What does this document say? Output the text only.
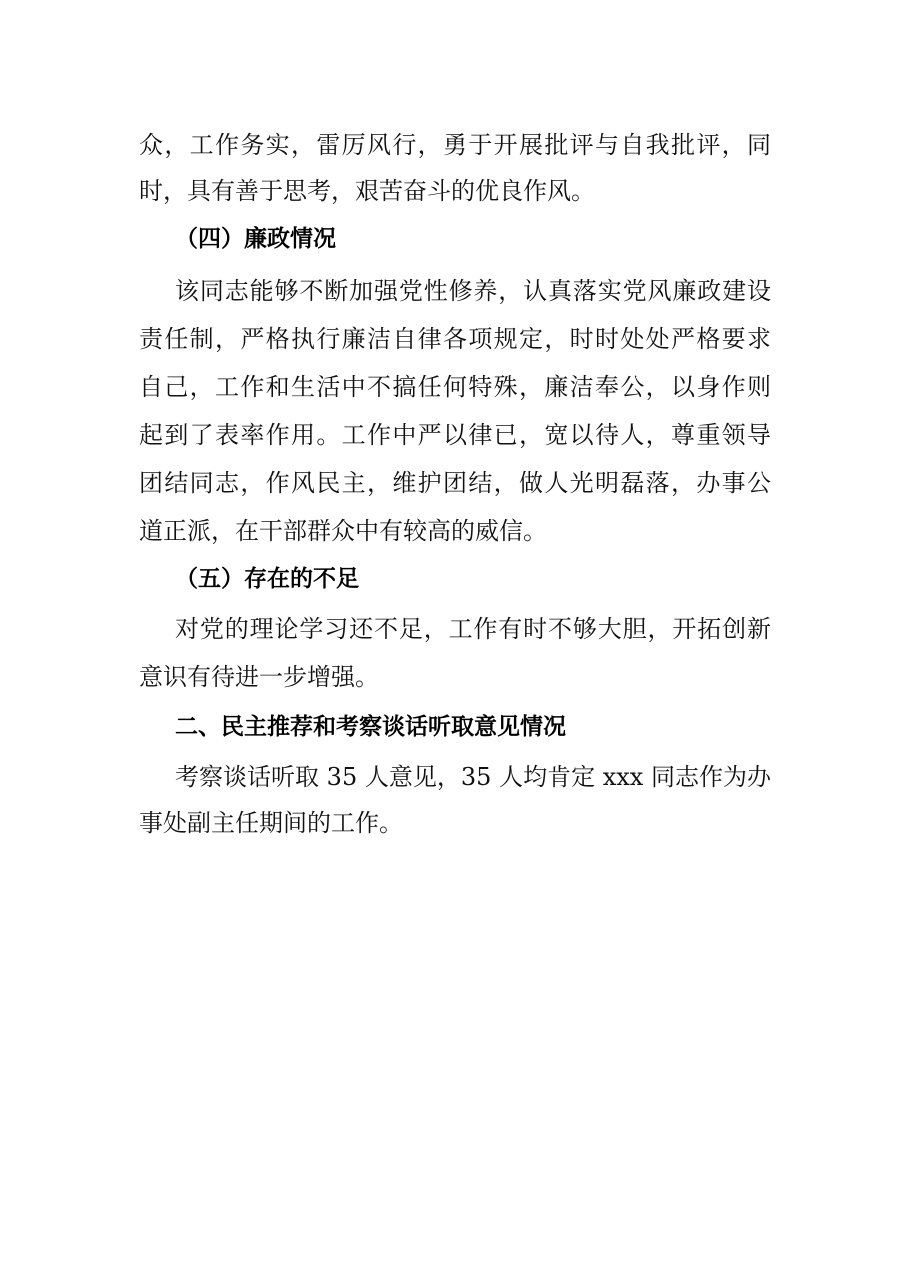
众，工作务实，雷厉风行，勇于开展批评与自我批评，同
时，具有善于思考，艰苦奋斗的优良作风。
（四）廉政情况
该同志能够不断加强党性修养，认真落实党风廉政建设
责任制，严格执行廉洁自律各项规定，时时处处严格要求
自己，工作和生活中不搞任何特殊，廉洁奉公，以身作则
起到了表率作用。工作中严以律已，宽以待人，尊重领导
团结同志，作风民主，维护团结，做人光明磊落，办事公
道正派，在干部群众中有较高的威信。
（五）存在的不足
对党的理论学习还不足，工作有时不够大胆，开拓创新
意识有待进一步增强。
二、民主推荐和考察谈话听取意见情况
考察谈话听取 35 人意见，35 人均肯定 xxx 同志作为办
事处副主任期间的工作。
